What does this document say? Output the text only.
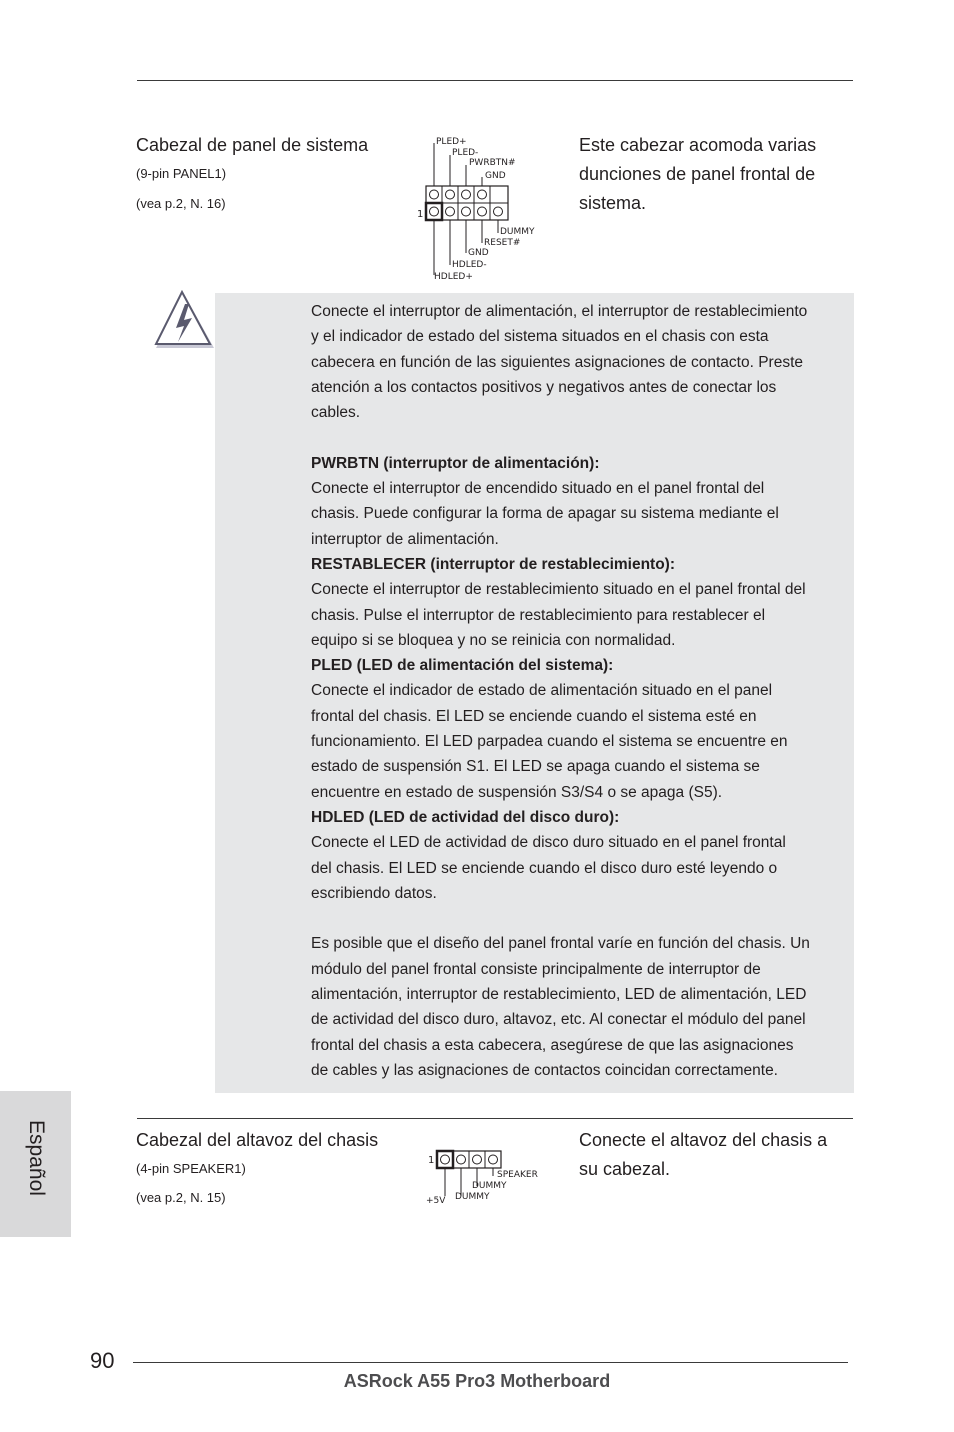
Cabezal de panel de sistema
(9-pin PANEL1)
(vea p.2, N. 16)
1
PLED+
PLED-
PWRBTN#
GND
DUMMY
RESET#
GND
HDLED-
HDLED+
Este cabezar acomoda varias
dunciones de panel frontal de
sistema.

Conecte el interruptor de alimentación, el interruptor de restablecimiento

y el indicador de estado del sistema situados en el chasis con esta

cabecera en función de las siguientes asignaciones de contacto. Preste

atención a los contactos positivos y negativos antes de conectar los

cables.

PWRBTN (interruptor de alimentación):

Conecte el interruptor de encendido situado en el panel frontal del

chasis. Puede configurar la forma de apagar su sistema mediante el

interruptor de alimentación.

RESTABLECER (interruptor de restablecimiento):

Conecte el interruptor de restablecimiento situado en el panel frontal del

chasis. Pulse el interruptor de restablecimiento para restablecer el

equipo si se bloquea y no se reinicia con normalidad.

PLED (LED de alimentación del sistema):

Conecte el indicador de estado de alimentación situado en el panel

frontal del chasis. El LED se enciende cuando el sistema esté en

funcionamiento. El LED parpadea cuando el sistema se encuentre en

estado de suspensión S1. El LED se apaga cuando el sistema se

encuentre en estado de suspensión S3/S4 o se apaga (S5).

HDLED (LED de actividad del disco duro):

Conecte el LED de actividad de disco duro situado en el panel frontal

del chasis. El LED se enciende cuando el disco duro esté leyendo o

escribiendo datos.

Es posible que el diseño del panel frontal varíe en función del chasis. Un

módulo del panel frontal consiste principalmente de interruptor de

alimentación, interruptor de restablecimiento, LED de alimentación, LED

de actividad del disco duro, altavoz, etc. Al conectar el módulo del panel

frontal del chasis a esta cabecera, asegúrese de que las asignaciones

de cables y las asignaciones de contactos coincidan correctamente.

Cabezal del altavoz del chasis
(4-pin SPEAKER1)
(vea p.2, N. 15)
1
SPEAKER
DUMMY
+5V DUMMY
Conecte el altavoz del chasis a
su cabezal.
Español
90
ASRock A55 Pro3 Motherboard
